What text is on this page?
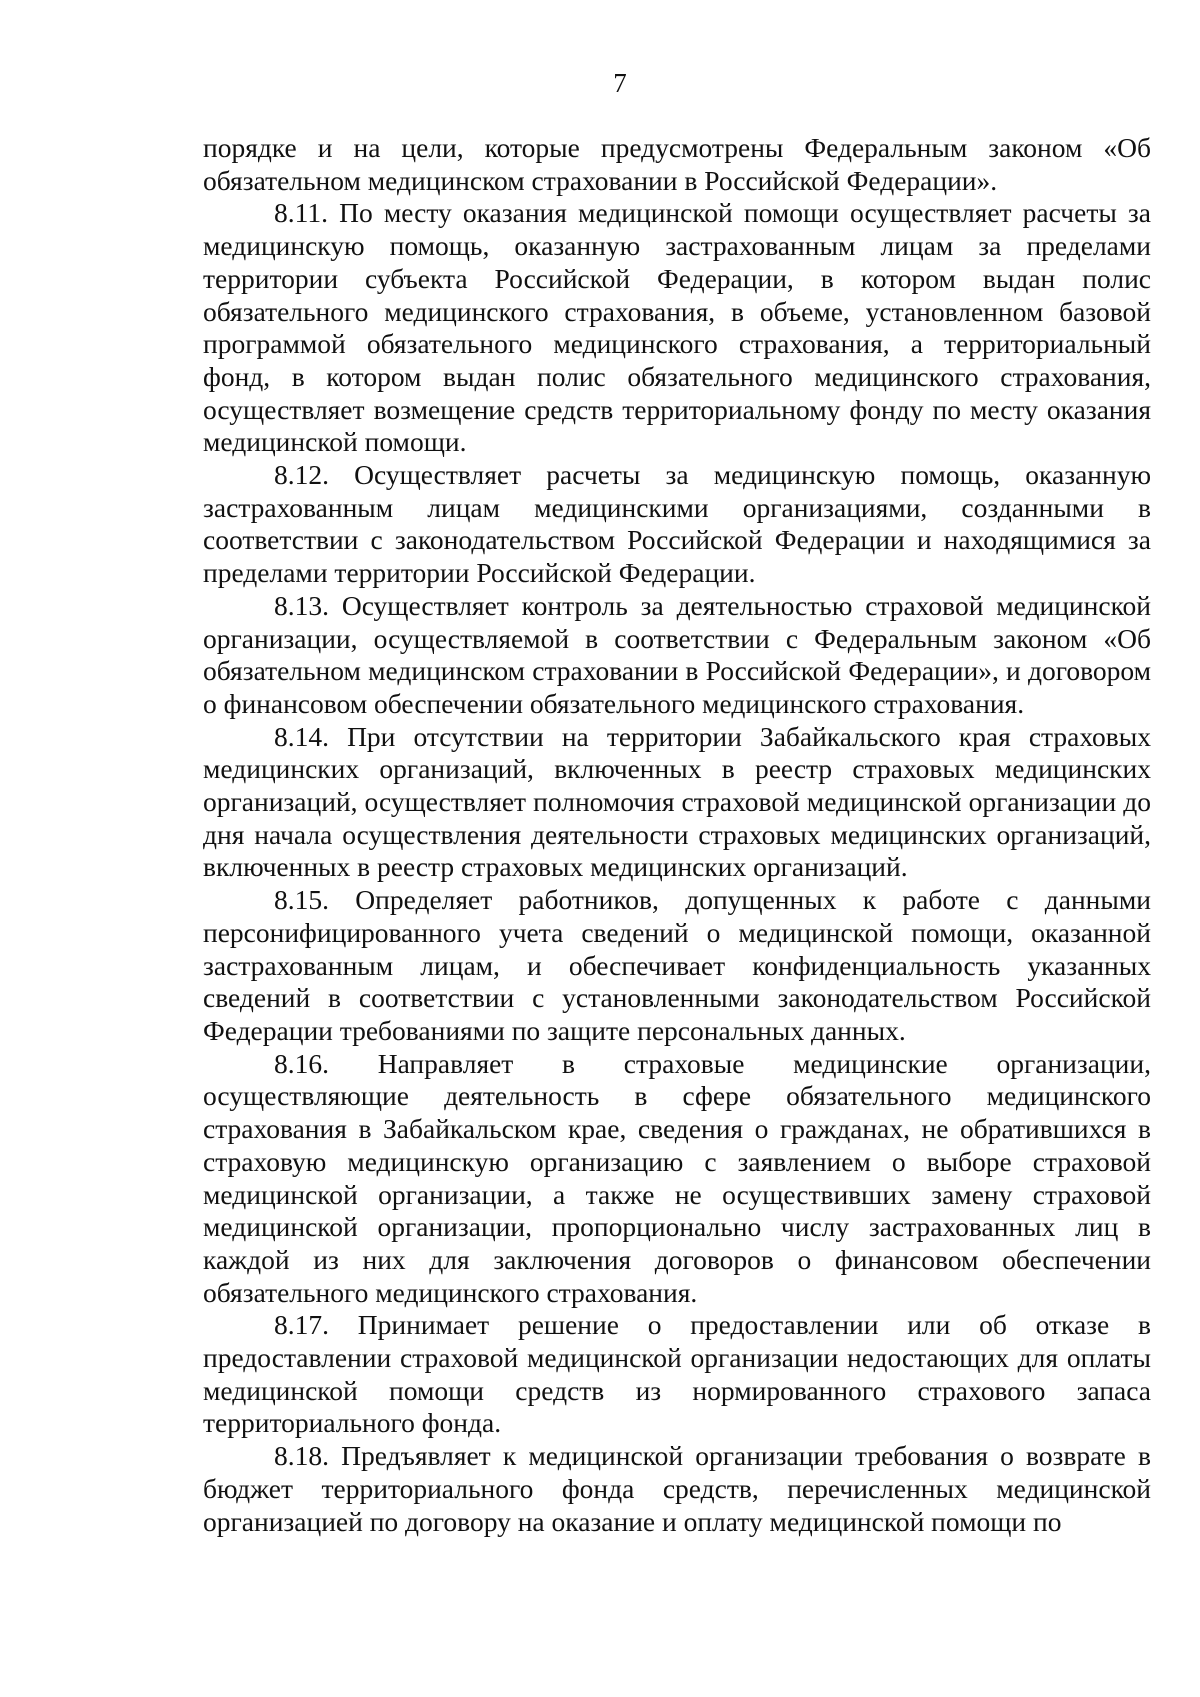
7

порядке и на цели, которые предусмотрены Федеральным законом «Об обязательном медицинском страховании в Российской Федерации».

8.11. По месту оказания медицинской помощи осуществляет расчеты за медицинскую помощь, оказанную застрахованным лицам за пределами территории субъекта Российской Федерации, в котором выдан полис обязательного медицинского страхования, в объеме, установленном базовой программой обязательного медицинского страхования, а территориальный фонд, в котором выдан полис обязательного медицинского страхования, осуществляет возмещение средств территориальному фонду по месту оказания медицинской помощи.

8.12. Осуществляет расчеты за медицинскую помощь, оказанную застрахованным лицам медицинскими организациями, созданными в соответствии с законодательством Российской Федерации и находящимися за пределами территории Российской Федерации.

8.13. Осуществляет контроль за деятельностью страховой медицинской организации, осуществляемой в соответствии с Федеральным законом «Об обязательном медицинском страховании в Российской Федерации», и договором о финансовом обеспечении обязательного медицинского страхования.

8.14. При отсутствии на территории Забайкальского края страховых медицинских организаций, включенных в реестр страховых медицинских организаций, осуществляет полномочия страховой медицинской организации до дня начала осуществления деятельности страховых медицинских организаций, включенных в реестр страховых медицинских организаций.

8.15. Определяет работников, допущенных к работе с данными персонифицированного учета сведений о медицинской помощи, оказанной застрахованным лицам, и обеспечивает конфиденциальность указанных сведений в соответствии с установленными законодательством Российской Федерации требованиями по защите персональных данных.

8.16. Направляет в страховые медицинские организации, осуществляющие деятельность в сфере обязательного медицинского страхования в Забайкальском крае, сведения о гражданах, не обратившихся в страховую медицинскую организацию с заявлением о выборе страховой медицинской организации, а также не осуществивших замену страховой медицинской организации, пропорционально числу застрахованных лиц в каждой из них для заключения договоров о финансовом обеспечении обязательного медицинского страхования.

8.17. Принимает решение о предоставлении или об отказе в предоставлении страховой медицинской организации недостающих для оплаты медицинской помощи средств из нормированного страхового запаса территориального фонда.

8.18. Предъявляет к медицинской организации требования о возврате в бюджет территориального фонда средств, перечисленных медицинской организацией по договору на оказание и оплату медицинской помощи по
